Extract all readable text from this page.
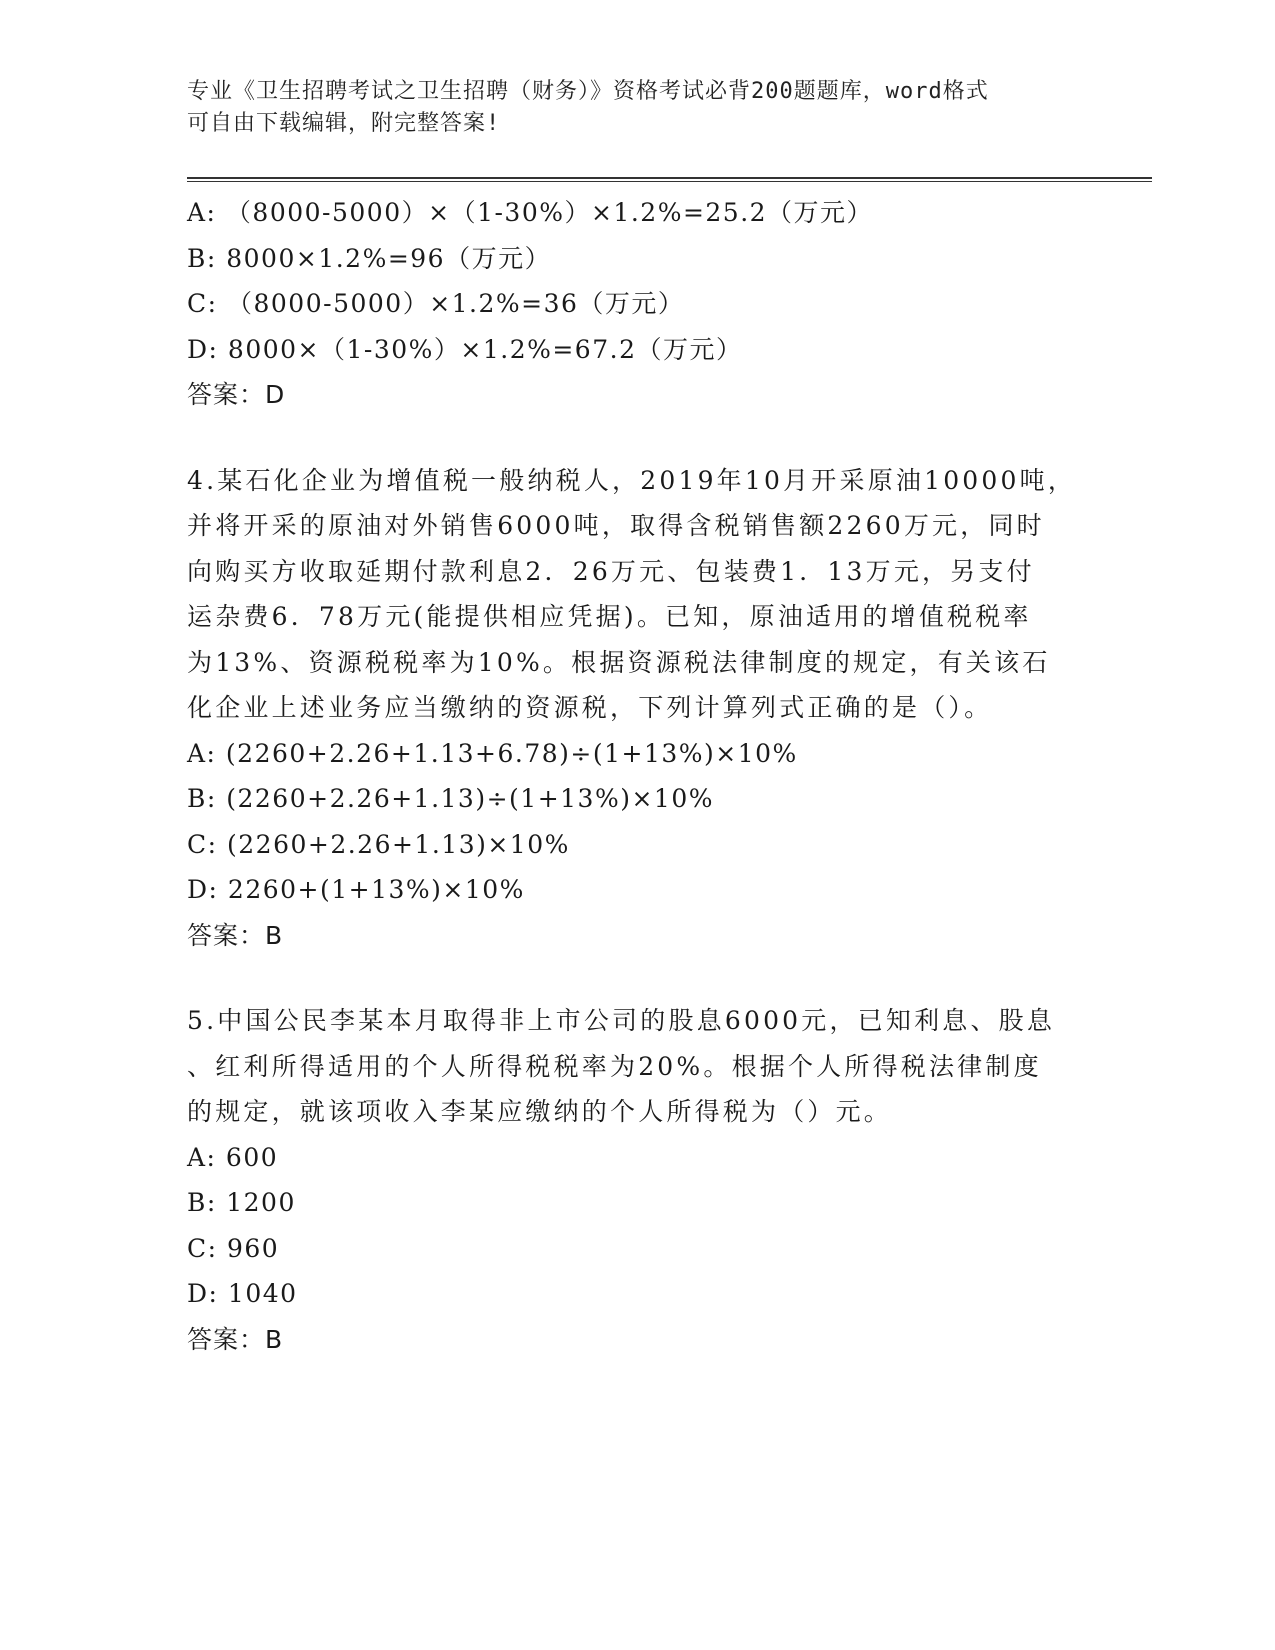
专业《卫生招聘考试之卫生招聘（财务）》资格考试必背200题题库，word格式
可自由下载编辑，附完整答案!
A: （8000-5000）×（1-30%）×1.2%=25.2（万元）
B: 8000×1.2%=96（万元）
C: （8000-5000）×1.2%=36（万元）
D: 8000×（1-30%）×1.2%=67.2（万元）
答案：D
4.某石化企业为增值税一般纳税人，2019年10月开采原油10000吨，
并将开采的原油对外销售6000吨，取得含税销售额2260万元，同时
向购买方收取延期付款利息2．26万元、包装费1．13万元，另支付
运杂费6．78万元(能提供相应凭据)。已知，原油适用的增值税税率
为13%、资源税税率为10%。根据资源税法律制度的规定，有关该石
化企业上述业务应当缴纳的资源税，下列计算列式正确的是（）。
A: (2260+2.26+1.13+6.78)÷(1+13%)×10%
B: (2260+2.26+1.13)÷(1+13%)×10%
C: (2260+2.26+1.13)×10%
D: 2260+(1+13%)×10%
答案：B
5.中国公民李某本月取得非上市公司的股息6000元，已知利息、股息
、红利所得适用的个人所得税税率为20%。根据个人所得税法律制度
的规定，就该项收入李某应缴纳的个人所得税为（）元。
A: 600
B: 1200
C: 960
D: 1040
答案：B
